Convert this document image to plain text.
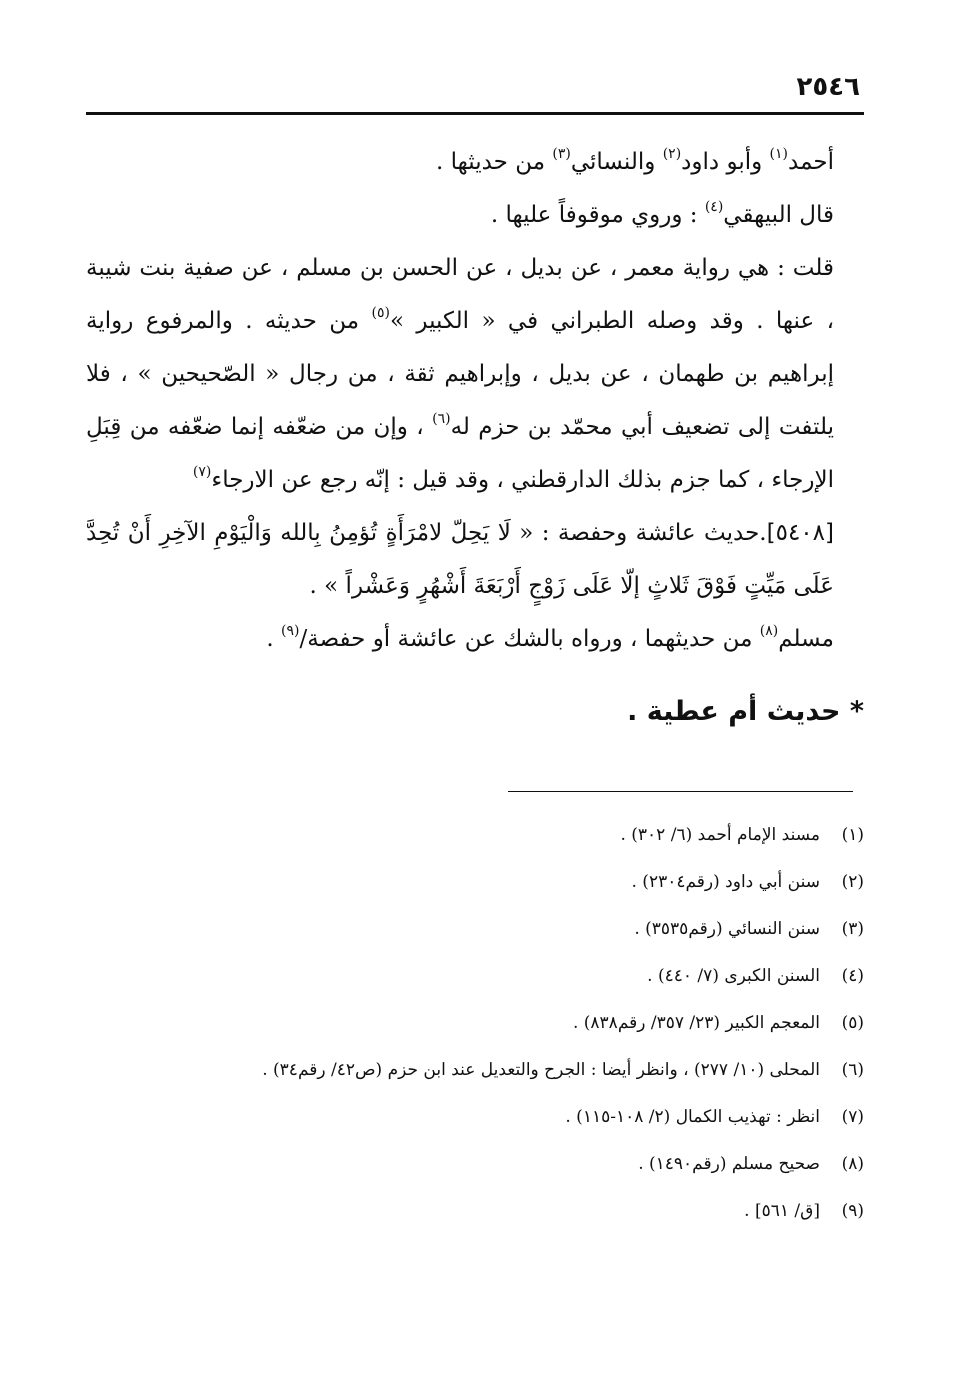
٢٥٤٦

أحمد$^{(١)}$ وأبو داود$^{(٢)}$ والنسائي$^{(٣)}$ من حديثها .

قال البيهقي$^{(٤)}$ : وروي موقوفاً عليها .

قلت : هي رواية معمر ، عن بديل ، عن الحسن بن مسلم ، عن صفية بنت شيبة ، عنها . وقد وصله الطبراني في « الكبير »$^{(٥)}$ من حديثه . والمرفوع رواية إبراهيم بن طهمان ، عن بديل ، وإبراهيم ثقة ، من رجال « الصّحيحين » ، فلا يلتفت إلى تضعيف أبي محمّد بن حزم له$^{(٦)}$ ، وإن من ضعّفه إنما ضعّفه من قِبَلِ الإرجاء ، كما جزم بذلك الدارقطني ، وقد قيل : إنّه رجع عن الارجاء$^{(٧)}$

[٥٤٠٨].حديث عائشة وحفصة : « لَا يَحِلّ لامْرَأَةٍ تُؤمِنُ بِالله وَالْيَوْمِ الآخِرِ أَنْ تُحِدَّ عَلَى مَيِّتٍ فَوْقَ ثَلاثٍ إلّا عَلَى زَوْجٍ أَرْبَعَةَ أَشْهُرٍ وَعَشْراً » .

مسلم$^{(٨)}$ من حديثهما ، ورواه بالشك عن عائشة أو حفصة/$^{(٩)}$ .

* حديث أم عطية .
(١)مسند الإمام أحمد (٦/ ٣٠٢) .
(٢)سنن أبي داود (رقم٢٣٠٤) .
(٣)سنن النسائي (رقم٣٥٣٥) .
(٤)السنن الكبرى (٧/ ٤٤٠) .
(٥)المعجم الكبير (٢٣/ ٣٥٧/ رقم٨٣٨) .
(٦)المحلى (١٠/ ٢٧٧) ، وانظر أيضا : الجرح والتعديل عند ابن حزم (ص٤٢/ رقم٣٤) .
(٧)انظر : تهذيب الكمال (٢/ ١٠٨-١١٥) .
(٨)صحيح مسلم (رقم١٤٩٠) .
(٩)[ق/ ٥٦١] .
